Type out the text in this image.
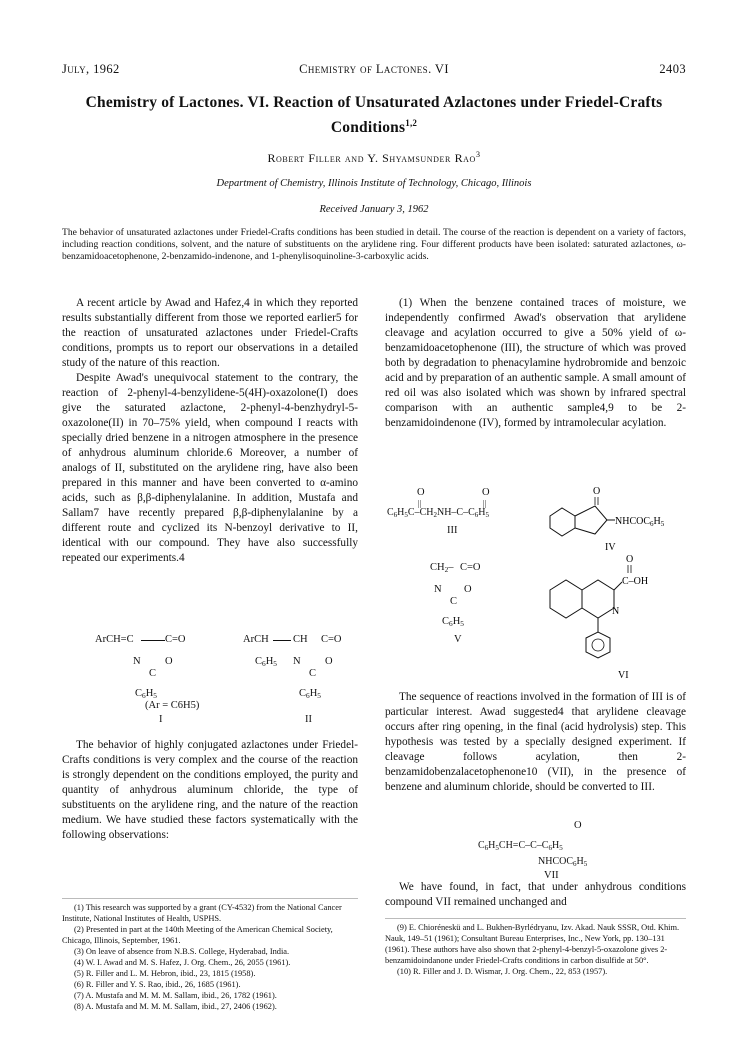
July, 1962	Chemistry of Lactones. VI	2403
Chemistry of Lactones. VI. Reaction of Unsaturated Azlactones under Friedel-Crafts Conditions$^{1,2}$
Robert Filler and Y. Shyamsunder Rao$^3$
Department of Chemistry, Illinois Institute of Technology, Chicago, Illinois
Received January 3, 1962
The behavior of unsaturated azlactones under Friedel-Crafts conditions has been studied in detail. The course of the reaction is dependent on a variety of factors, including reaction conditions, solvent, and the nature of substituents on the arylidene ring. Four different products have been isolated: saturated azlactones, ω-benzamidoacetophenone, 2-benzamido-indenone, and 1-phenylisoquinoline-3-carboxylic acids.

A recent article by Awad and Hafez,4 in which they reported results substantially different from those we reported earlier5 for the reaction of unsaturated azlactones under Friedel-Crafts conditions, prompts us to report our observations in a detailed study of the nature of this reaction.

Despite Awad's unequivocal statement to the contrary, the reaction of 2-phenyl-4-benzylidene-5(4H)-oxazolone(I) does give the saturated azlactone, 2-phenyl-4-benzhydryl-5-oxazolone(II) in 70–75% yield, when compound I reacts with specially dried benzene in a nitrogen atmosphere in the presence of anhydrous aluminum chloride.6 Moreover, a number of analogs of II, substituted on the arylidene ring, have also been prepared in this manner and have been converted to α-amino acids, such as β,β-diphenylalanine. In addition, Mustafa and Sallam7 have recently prepared β,β-diphenylalanine by a different route and cyclized its N-benzoyl derivative to II, identical with our compound. They have also successfully repeated our experiments.4

ArCH=C	C=O
N O
C
$C_6H_5$
(Ar = C6H5)
I
ArCH CH C=O
$C_6H_5$ N O
C
$C_6H_5$
II

The behavior of highly conjugated azlactones under Friedel-Crafts conditions is very complex and the course of the reaction is strongly dependent on the conditions employed, the purity and quantity of anhydrous aluminum chloride, the type of substituents on the arylidene ring, and the nature of the reaction medium. We have studied these factors systematically with the following observations:

(1) This research was supported by a grant (CY-4532) from the National Cancer Institute, National Institutes of Health, USPHS.
(2) Presented in part at the 140th Meeting of the American Chemical Society, Chicago, Illinois, September, 1961.
(3) On leave of absence from N.B.S. College, Hyderabad, India.
(4) W. I. Awad and M. S. Hafez, J. Org. Chem., 26, 2055 (1961).
(5) R. Filler and L. M. Hebron, ibid., 23, 1815 (1958).
(6) R. Filler and Y. S. Rao, ibid., 26, 1685 (1961).
(7) A. Mustafa and M. M. M. Sallam, ibid., 26, 1782 (1961).
(8) A. Mustafa and M. M. M. Sallam, ibid., 27, 2406 (1962).

(1) When the benzene contained traces of moisture, we independently confirmed Awad's observation that arylidene cleavage and acylation occurred to give a 50% yield of ω-benzamidoacetophenone (III), the structure of which was proved both by degradation to phenacylamine hydrobromide and benzoic acid and by preparation of an authentic sample. A small amount of red oil was also isolated which was shown by infrared spectral comparison with an authentic sample4,9 to be 2-benzamidoindenone (IV), formed by intramolecular acylation.

O	O
||	||
$C_6H_5C-CH_2NH-C-C_6H_5$
III
O
$NHCOC_6H_5$
IV
$CH_2-$ C=O
N O
C
$C_6H_5$
V
O
C–OH
N
VI

The sequence of reactions involved in the formation of III is of particular interest. Awad suggested4 that arylidene cleavage occurs after ring opening, in the final (acid hydrolysis) step. This hypothesis was tested by a specially designed experiment. If cleavage follows acylation, then 2-benzamidobenzalacetophenone10 (VII), in the presence of benzene and aluminum chloride, should be converted to III.

O
$C_6H_5CH=C-C-C_6H_5$
$NHCOC_6H_5$
VII

We have found, in fact, that under anhydrous conditions compound VII remained unchanged and

(9) E. Chioréneskü and L. Bukhen-Byrlédryanu, Izv. Akad. Nauk SSSR, Otd. Khim. Nauk, 149–51 (1961); Consultant Bureau Enterprises, Inc., New York, pp. 130–131 (1961). These authors have also shown that 2-phenyl-4-benzyl-5-oxazolone gives 2-benzamidoindanone under Friedel-Crafts conditions in carbon disulfide at 50°.
(10) R. Filler and J. D. Wismar, J. Org. Chem., 22, 853 (1957).
